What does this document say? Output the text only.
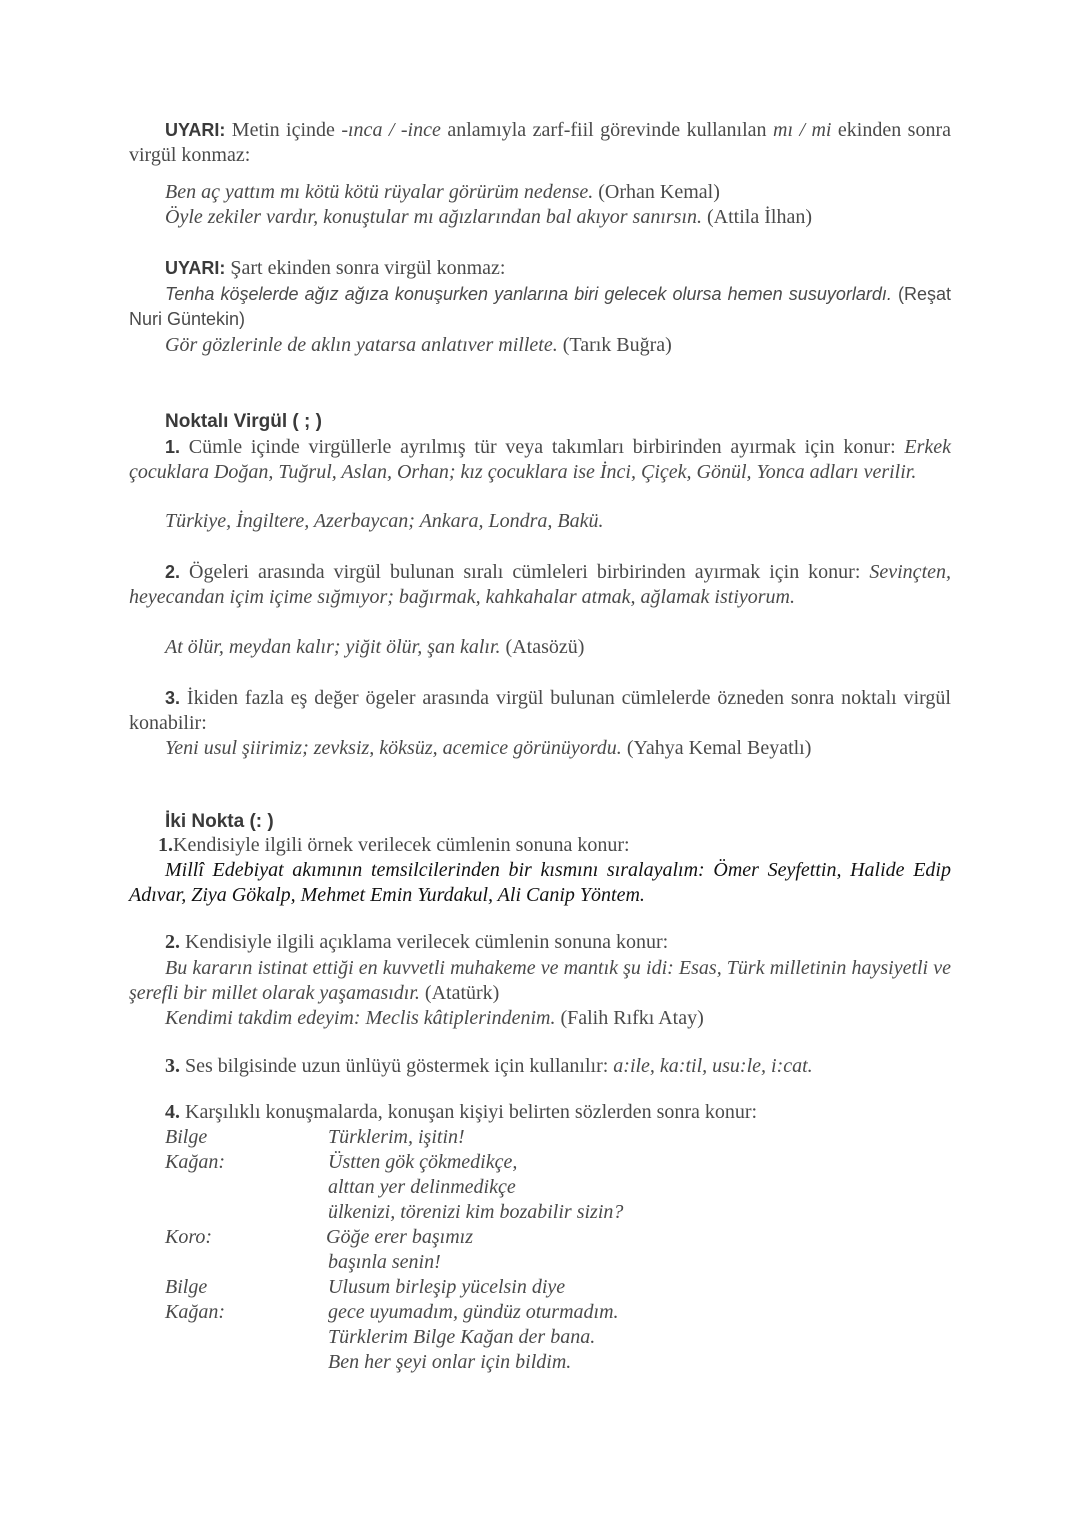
UYARI: Metin içinde -ınca / -ince anlamıyla zarf-fiil görevinde kullanılan mı / mi ekinden sonra virgül konmaz:

Ben aç yattım mı kötü kötü rüyalar görürüm nedense. (Orhan Kemal)

Öyle zekiler vardır, konuştular mı ağızlarından bal akıyor sanırsın. (Attila İlhan)

UYARI: Şart ekinden sonra virgül konmaz:

Tenha köşelerde ağız ağıza konuşurken yanlarına biri gelecek olursa hemen susuyorlardı. (Reşat Nuri Güntekin)

Gör gözlerinle de aklın yatarsa anlatıver millete. (Tarık Buğra)

Noktalı Virgül ( ; )

1. Cümle içinde virgüllerle ayrılmış tür veya takımları birbirinden ayırmak için konur: Erkek çocuklara Doğan, Tuğrul, Aslan, Orhan; kız çocuklara ise İnci, Çiçek, Gönül, Yonca adları verilir.

Türkiye, İngiltere, Azerbaycan; Ankara, Londra, Bakü.

2. Ögeleri arasında virgül bulunan sıralı cümleleri birbirinden ayırmak için konur: Sevinçten, heyecandan içim içime sığmıyor; bağırmak, kahkahalar atmak, ağlamak istiyorum.

At ölür, meydan kalır; yiğit ölür, şan kalır. (Atasözü)

3. İkiden fazla eş değer ögeler arasında virgül bulunan cümlelerde özneden sonra noktalı virgül konabilir:

Yeni usul şiirimiz; zevksiz, köksüz, acemice görünüyordu. (Yahya Kemal Beyatlı)

İki Nokta (: )

1.Kendisiyle ilgili örnek verilecek cümlenin sonuna konur:

Millî Edebiyat akımının temsilcilerinden bir kısmını sıralayalım: Ömer Seyfettin, Halide Edip Adıvar, Ziya Gökalp, Mehmet Emin Yurdakul, Ali Canip Yöntem.

2. Kendisiyle ilgili açıklama verilecek cümlenin sonuna konur:

Bu kararın istinat ettiği en kuvvetli muhakeme ve mantık şu idi: Esas, Türk milletinin haysiyetli ve şerefli bir millet olarak yaşamasıdır. (Atatürk)

Kendimi takdim edeyim: Meclis kâtiplerindenim. (Falih Rıfkı Atay)

3. Ses bilgisinde uzun ünlüyü göstermek için kullanılır: a:ile, ka:til, usu:le, i:cat.

4. Karşılıklı konuşmalarda, konuşan kişiyi belirten sözlerden sonra konur:

Bilge Kağan:
Türklerim, işitin!
Üstten gök çökmedikçe,
alttan yer delinmedikçe
ülkenizi, törenizi kim bozabilir sizin?
Koro:	Göğe erer başımız
başınla senin!
Bilge Kağan:
Ulusum birleşip yücelsin diye
gece uyumadım, gündüz oturmadım.
Türklerim Bilge Kağan der bana.
Ben her şeyi onlar için bildim.
